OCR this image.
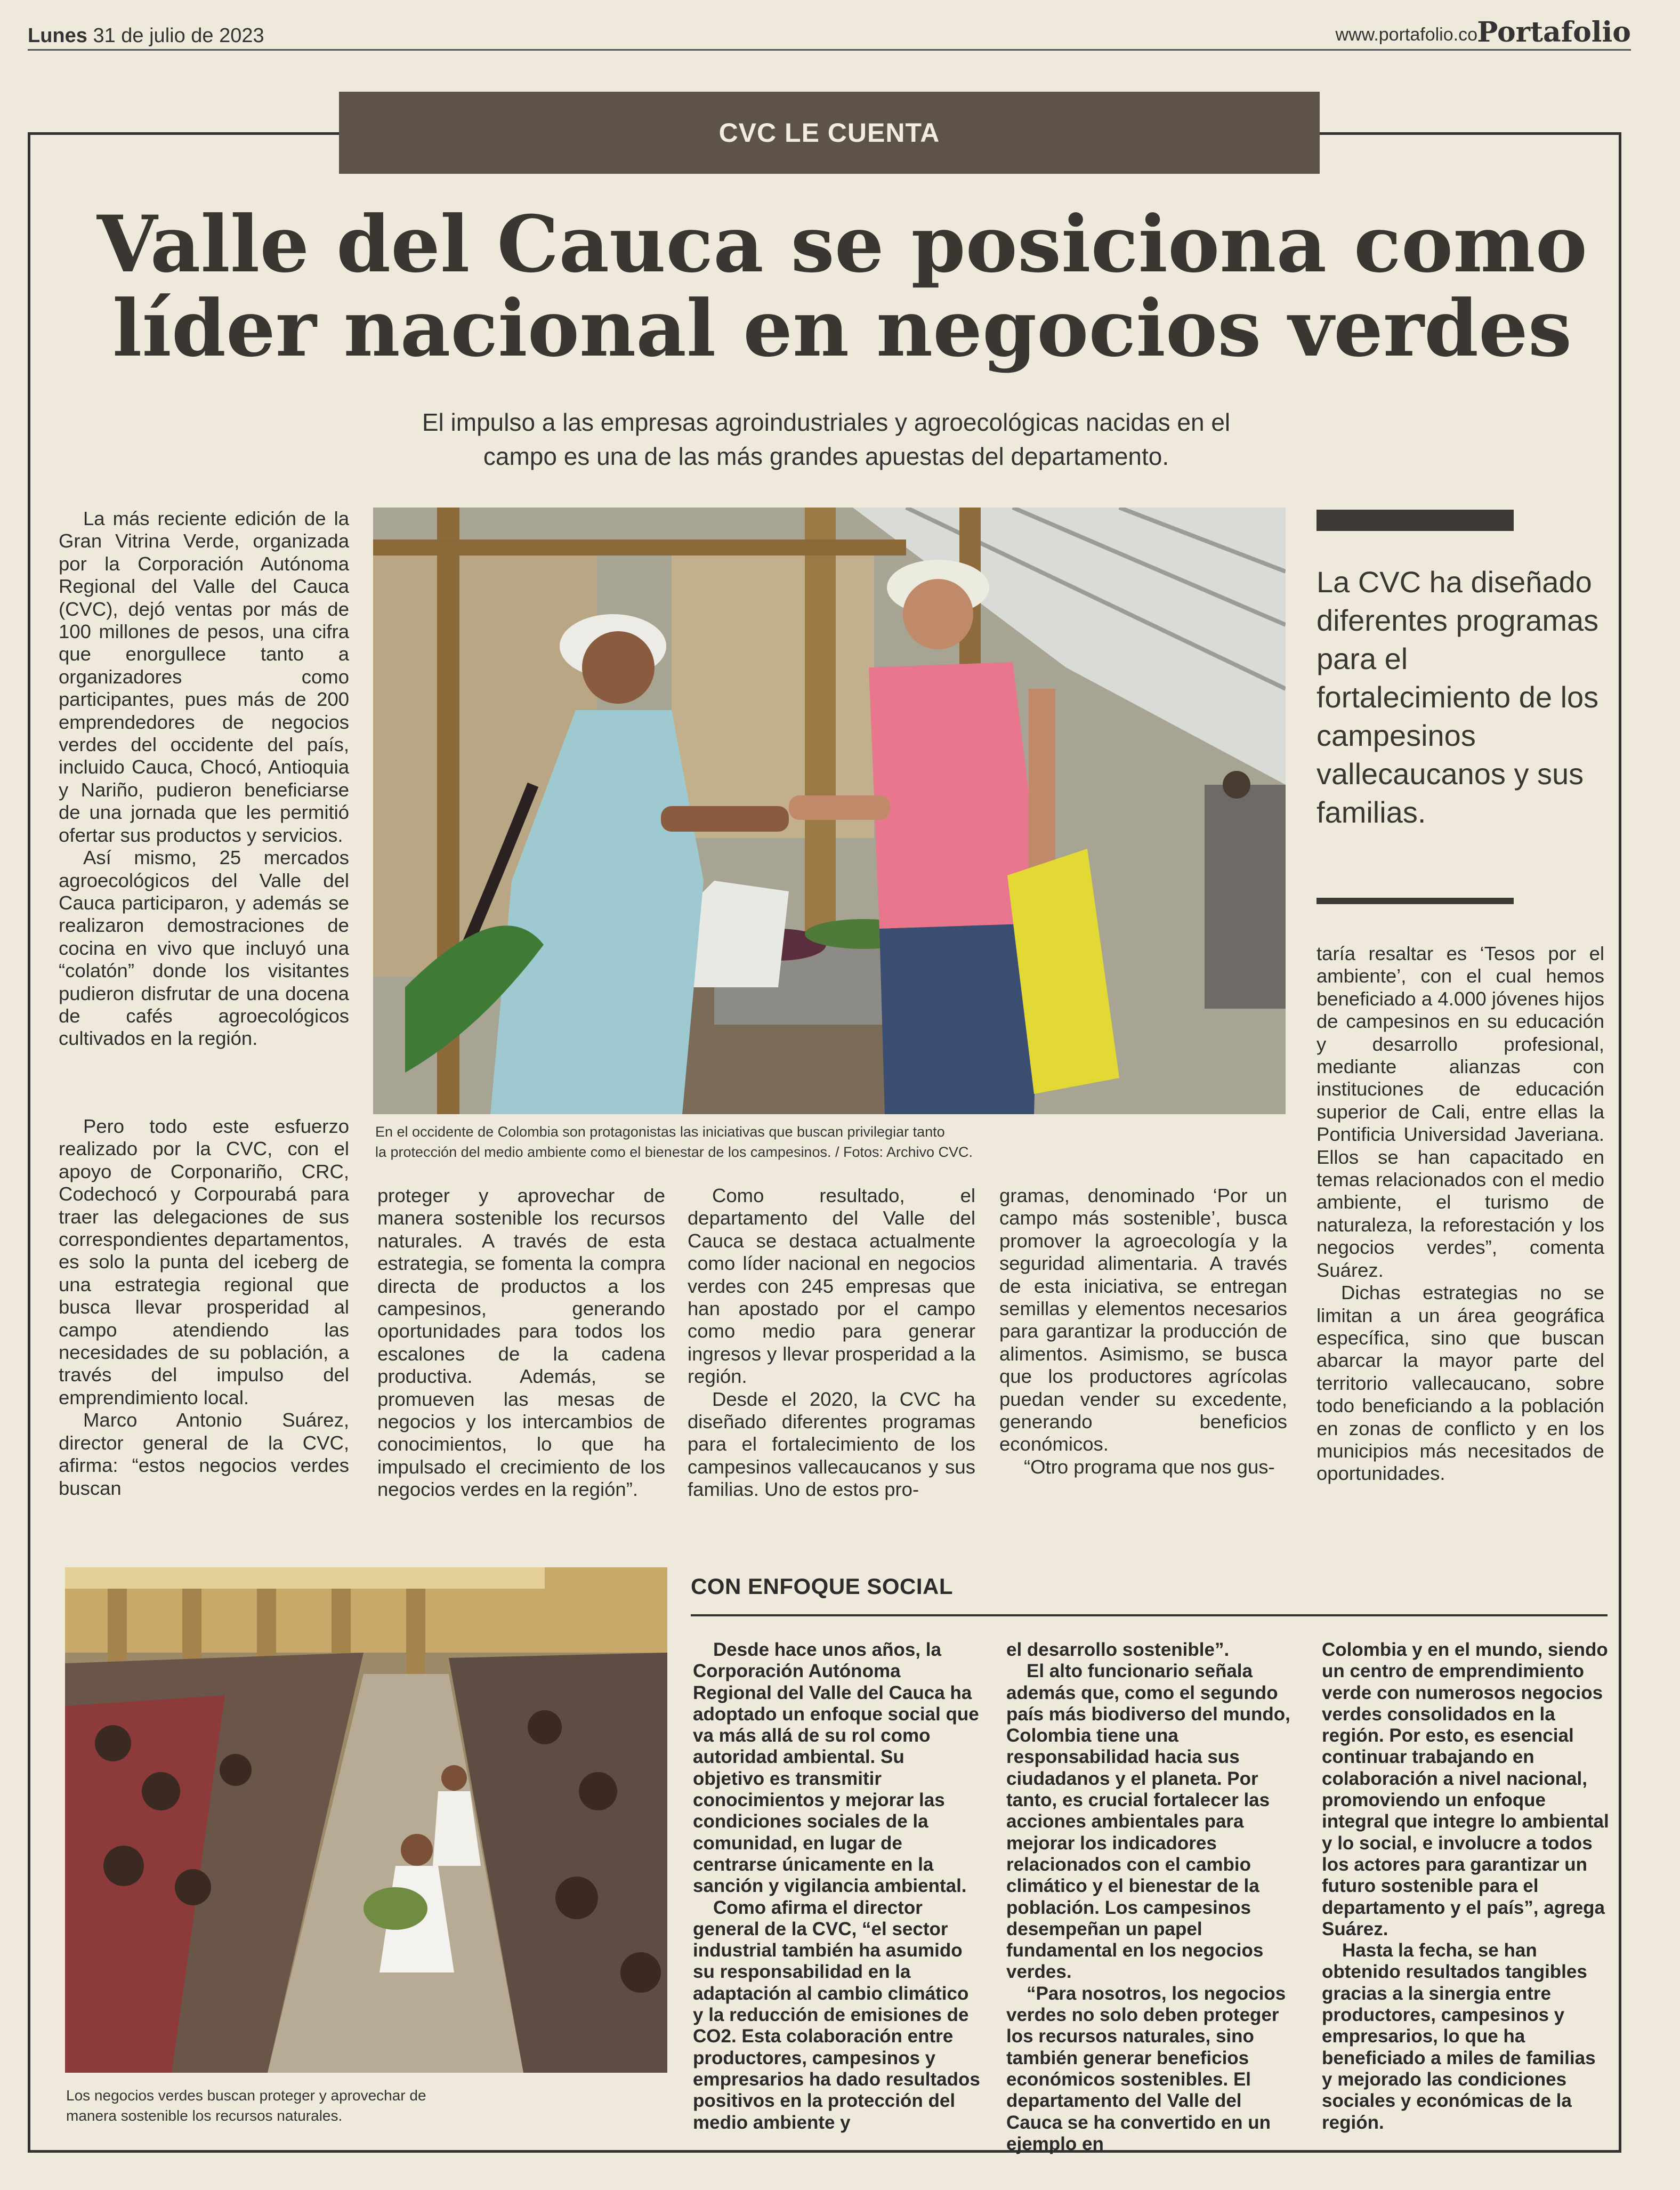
Lunes 31 de julio de 2023	www.portafolio.co Portafolio
CVC LE CUENTA
Valle del Cauca se posiciona como
líder nacional en negocios verdes
El impulso a las empresas agroindustriales y agroecológicas nacidas en el
campo es una de las más grandes apuestas del departamento.

La más reciente edición de la Gran Vitrina Verde, organizada por la Corporación Autónoma Regional del Valle del Cauca (CVC), dejó ventas por más de 100 millones de pesos, una cifra que enorgullece tanto a organizadores como participantes, pues más de 200 emprendedores de negocios verdes del occidente del país, incluido Cauca, Chocó, Antioquia y Nariño, pudieron beneficiarse de una jornada que les permitió ofertar sus productos y servicios.

Así mismo, 25 mercados agroecológicos del Valle del Cauca participaron, y además se realizaron demostraciones de cocina en vivo que incluyó una “colatón” donde los visitantes pudieron disfrutar de una docena de cafés agroecológicos cultivados en la región.

Pero todo este esfuerzo realizado por la CVC, con el apoyo de Corponariño, CRC, Codechocó y Corpourabá para traer las delegaciones de sus correspondientes departamentos, es solo la punta del iceberg de una estrategia regional que busca llevar prosperidad al campo atendiendo las necesidades de su población, a través del impulso del emprendimiento local.

Marco Antonio Suárez, director general de la CVC, afirma: “estos negocios verdes buscan

En el occidente de Colombia son protagonistas las iniciativas que buscan privilegiar tanto
la protección del medio ambiente como el bienestar de los campesinos. / Fotos: Archivo CVC.
La CVC ha diseñado diferentes programas para el fortalecimiento de los campesinos vallecaucanos y sus familias.

proteger y aprovechar de manera sostenible los recursos naturales. A través de esta estrategia, se fomenta la compra directa de productos a los campesinos, generando oportunidades para todos los escalones de la cadena productiva. Además, se promueven las mesas de negocios y los intercambios de conocimientos, lo que ha impulsado el crecimiento de los negocios verdes en la región”.

Como resultado, el departamento del Valle del Cauca se destaca actualmente como líder nacional en negocios verdes con 245 empresas que han apostado por el campo como medio para generar ingresos y llevar prosperidad a la región.

Desde el 2020, la CVC ha diseñado diferentes programas para el fortalecimiento de los campesinos vallecaucanos y sus familias. Uno de estos pro-

gramas, denominado ‘Por un campo más sostenible’, busca promover la agroecología y la seguridad alimentaria. A través de esta iniciativa, se entregan semillas y elementos necesarios para garantizar la producción de alimentos. Asimismo, se busca que los productores agrícolas puedan vender su excedente, generando beneficios económicos.

“Otro programa que nos gus-

taría resaltar es ‘Tesos por el ambiente’, con el cual hemos beneficiado a 4.000 jóvenes hijos de campesinos en su educación y desarrollo profesional, mediante alianzas con instituciones de educación superior de Cali, entre ellas la Pontificia Universidad Javeriana. Ellos se han capacitado en temas relacionados con el medio ambiente, el turismo de naturaleza, la reforestación y los negocios verdes”, comenta Suárez.

Dichas estrategias no se limitan a un área geográfica específica, sino que buscan abarcar la mayor parte del territorio vallecaucano, sobre todo beneficiando a la población en zonas de conflicto y en los municipios más necesitados de oportunidades.

Los negocios verdes buscan proteger y aprovechar de
manera sostenible los recursos naturales.
CON ENFOQUE SOCIAL

Desde hace unos años, la Corporación Autónoma Regional del Valle del Cauca ha adoptado un enfoque social que va más allá de su rol como autoridad ambiental. Su objetivo es transmitir conocimientos y mejorar las condiciones sociales de la comunidad, en lugar de centrarse únicamente en la sanción y vigilancia ambiental.

Como afirma el director general de la CVC, “el sector industrial también ha asumido su responsabilidad en la adaptación al cambio climático y la reducción de emisiones de CO2. Esta colaboración entre productores, campesinos y empresarios ha dado resultados positivos en la protección del medio ambiente y

el desarrollo sostenible”.

El alto funcionario señala además que, como el segundo país más biodiverso del mundo, Colombia tiene una responsabilidad hacia sus ciudadanos y el planeta. Por tanto, es crucial fortalecer las acciones ambientales para mejorar los indicadores relacionados con el cambio climático y el bienestar de la población. Los campesinos desempeñan un papel fundamental en los negocios verdes.

“Para nosotros, los negocios verdes no solo deben proteger los recursos naturales, sino también generar beneficios económicos sostenibles. El departamento del Valle del Cauca se ha convertido en un ejemplo en

Colombia y en el mundo, siendo un centro de emprendimiento verde con numerosos negocios verdes consolidados en la región. Por esto, es esencial continuar trabajando en colaboración a nivel nacional, promoviendo un enfoque integral que integre lo ambiental y lo social, e involucre a todos los actores para garantizar un futuro sostenible para el departamento y el país”, agrega Suárez.

Hasta la fecha, se han obtenido resultados tangibles gracias a la sinergia entre productores, campesinos y empresarios, lo que ha beneficiado a miles de familias y mejorado las condiciones sociales y económicas de la región.
